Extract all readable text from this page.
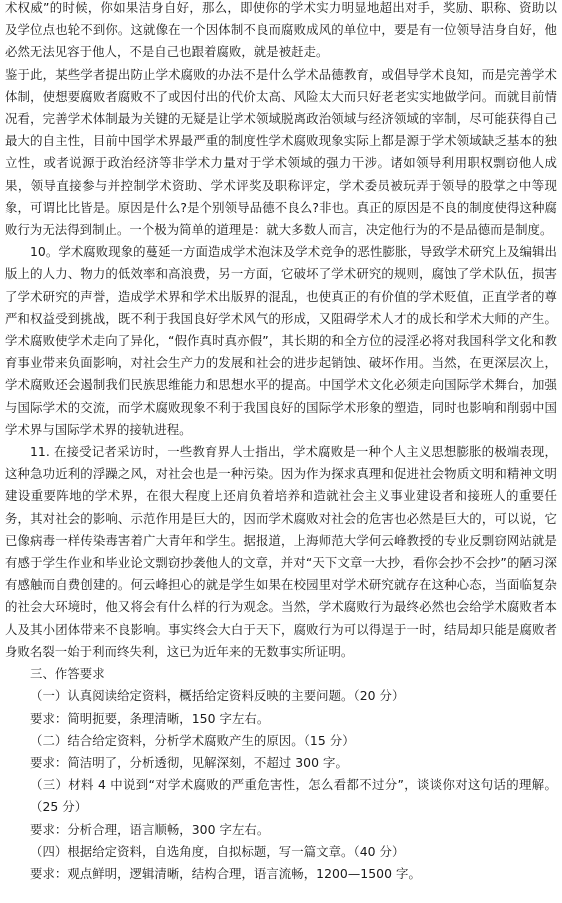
术权威”的时候，你如果洁身自好，那么，即使你的学术实力明显地超出对手，奖励、职称、资助以及学位点也轮不到你。这就像在一个因体制不良而腐败成风的单位中，要是有一位领导洁身自好，他必然无法见容于他人，不是自己也跟着腐败，就是被赶走。

鉴于此，某些学者提出防止学术腐败的办法不是什么学术品德教育，或倡导学术良知，而是完善学术体制，使想要腐败者腐败不了或因付出的代价太高、风险太大而只好老老实实地做学问。而就目前情况看，完善学术体制最为关键的无疑是让学术领域脱离政治领域与经济领域的宰制，尽可能获得自己最大的自主性，目前中国学术界最严重的制度性学术腐败现象实际上都是源于学术领域缺乏基本的独立性，或者说源于政治经济等非学术力量对于学术领域的强力干涉。诸如领导利用职权剽窃他人成果，领导直接参与并控制学术资助、学术评奖及职称评定，学术委员被玩弄于领导的股掌之中等现象，可谓比比皆是。原因是什么?是个别领导品德不良么?非也。真正的原因是不良的制度使得这种腐败行为无法得到制止。一个极为简单的道理是：就大多数人而言，决定他行为的不是品德而是制度。

10。学术腐败现象的蔓延一方面造成学术泡沫及学术竞争的恶性膨胀，导致学术研究上及编辑出版上的人力、物力的低效率和高浪费，另一方面，它破坏了学术研究的规则，腐蚀了学术队伍，损害了学术研究的声誉，造成学术界和学术出版界的混乱，也使真正的有价值的学术贬值，正直学者的尊严和权益受到挑战，既不利于我国良好学术风气的形成，又阻碍学术人才的成长和学术大师的产生。学术腐败使学术走向了异化，“假作真时真亦假”，其长期的和全方位的浸淫必将对我国科学文化和教育事业带来负面影响，对社会生产力的发展和社会的进步起销蚀、破坏作用。当然，在更深层次上，学术腐败还会遏制我们民族思维能力和思想水平的提高。中国学术文化必须走向国际学术舞台，加强与国际学术的交流，而学术腐败现象不利于我国良好的国际学术形象的塑造，同时也影响和削弱中国学术界与国际学术界的接轨进程。

11. 在接受记者采访时，一些教育界人士指出，学术腐败是一种个人主义思想膨胀的极端表现，这种急功近利的浮躁之风，对社会也是一种污染。因为作为探求真理和促进社会物质文明和精神文明建设重要阵地的学术界，在很大程度上还肩负着培养和造就社会主义事业建设者和接班人的重要任务，其对社会的影响、示范作用是巨大的，因而学术腐败对社会的危害也必然是巨大的，可以说，它已像病毒一样传染毒害着广大青年和学生。据报道，上海师范大学何云峰教授的专业反剽窃网站就是有感于学生作业和毕业论文剽窃抄袭他人的文章，并对“天下文章一大抄，看你会抄不会抄”的陋习深有感触而自费创建的。何云峰担心的就是学生如果在校园里对学术研究就存在这种心态，当面临复杂的社会大环境时，他又将会有什么样的行为观念。当然，学术腐败行为最终必然也会给学术腐败者本人及其小团体带来不良影响。事实终会大白于天下，腐败行为可以得逞于一时，结局却只能是腐败者身败名裂一始于利而终失利，这已为近年来的无数事实所证明。

三、作答要求

（一）认真阅读给定资料，概括给定资料反映的主要问题。（20 分）

要求：简明扼要，条理清晰，150 字左右。

（二）结合给定资料，分析学术腐败产生的原因。（15 分）

要求：简洁明了，分析透彻，见解深刻，不超过 300 字。

（三）材料 4 中说到“对学术腐败的严重危害性，怎么看都不过分”，谈谈你对这句话的理解。（25 分）

要求：分析合理，语言顺畅，300 字左右。

（四）根据给定资料，自选角度，自拟标题，写一篇文章。（40 分）

要求：观点鲜明，逻辑清晰，结构合理，语言流畅，1200—1500 字。
